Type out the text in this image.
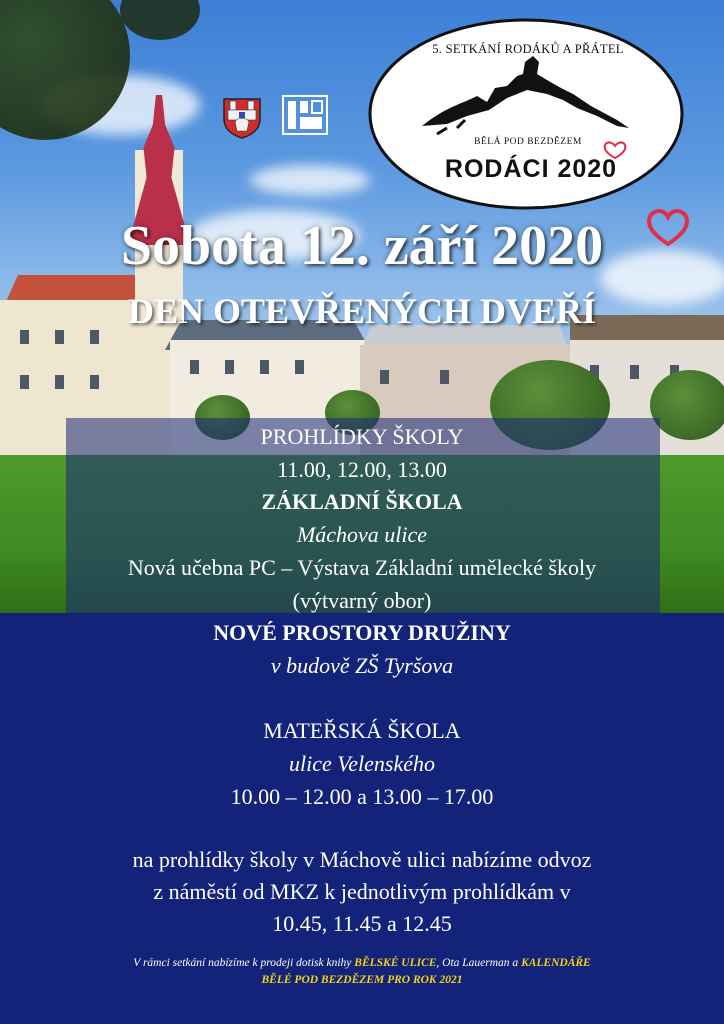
5. SETKÁNÍ RODÁKŮ A PŘÁTEL
BĚLÁ POD BEZDĚZEM
RODÁCI 2020
Sobota 12. září 2020
DEN OTEVŘENÝCH DVEŘÍ
PROHLÍDKY ŠKOLY
11.00, 12.00, 13.00
ZÁKLADNÍ ŠKOLA
Máchova ulice
Nová učebna PC – Výstava Základní umělecké školy
(výtvarný obor)
NOVÉ PROSTORY DRUŽINY
v budově ZŠ Tyršova
MATEŘSKÁ ŠKOLA
ulice Velenského
10.00 – 12.00 a 13.00 – 17.00
na prohlídky školy v Máchově ulici nabízíme odvoz
z náměstí od MKZ k jednotlivým prohlídkám v
10.45, 11.45 a 12.45
V rámci setkání nabízíme k prodeji dotisk knihy BĚLSKÉ ULICE, Ota Lauerman a KALENDÁŘE
BĚLÉ POD BEZDĚZEM PRO ROK 2021
